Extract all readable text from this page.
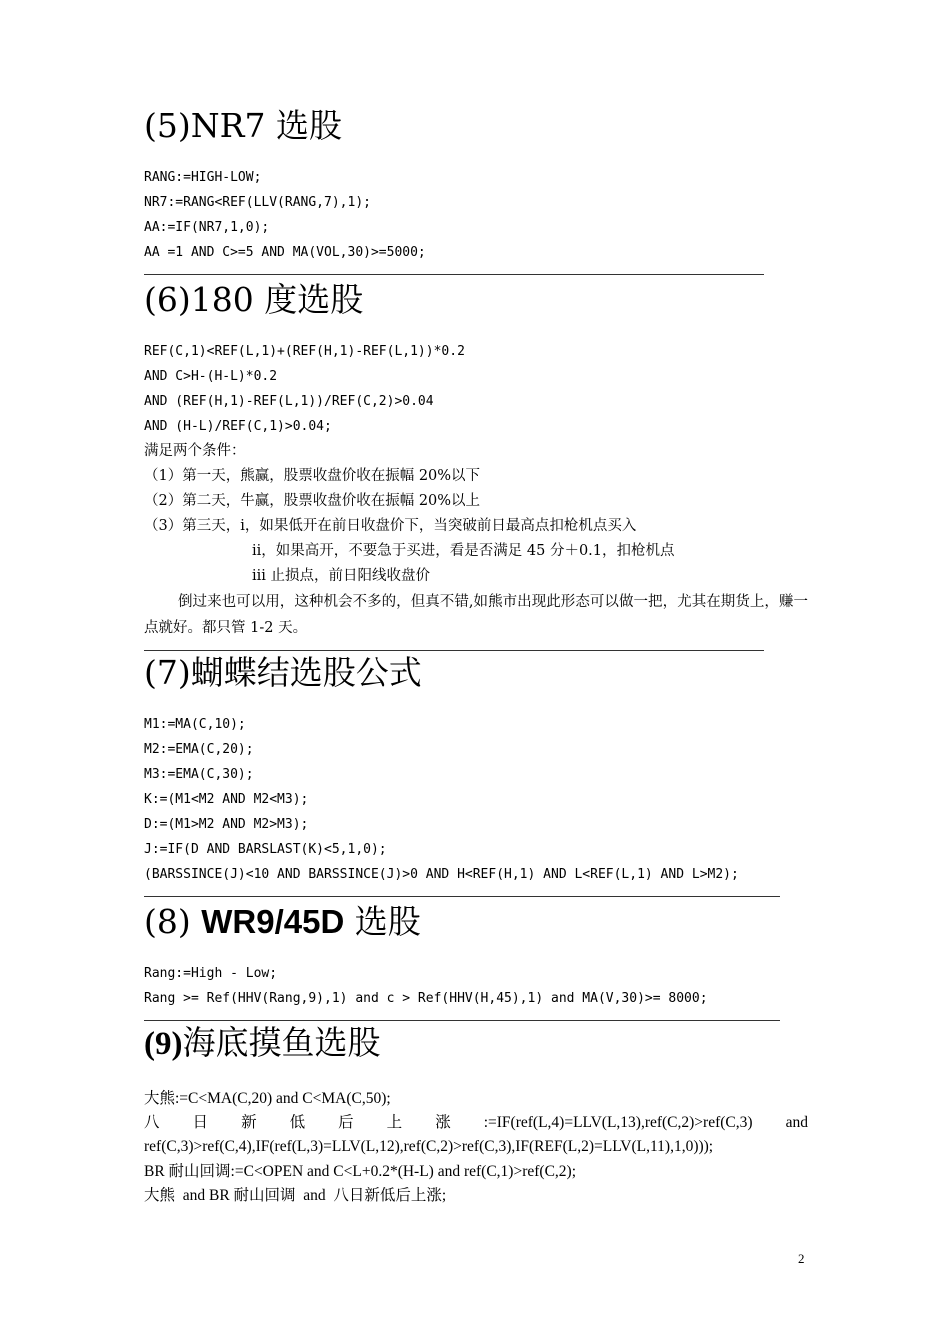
(5)NR7 选股
RANG:=HIGH-LOW;
NR7:=RANG<REF(LLV(RANG,7),1);
AA:=IF(NR7,1,0);
AA =1 AND C>=5 AND MA(VOL,30)>=5000;
(6)180 度选股
REF(C,1)<REF(L,1)+(REF(H,1)-REF(L,1))*0.2
AND C>H-(H-L)*0.2
AND (REF(H,1)-REF(L,1))/REF(C,2)>0.04
AND (H-L)/REF(C,1)>0.04;
满足两个条件：
（1）第一天，熊赢，股票收盘价收在振幅 20%以下
（2）第二天，牛赢，股票收盘价收在振幅 20%以上
（3）第三天，i，如果低开在前日收盘价下，当突破前日最高点扣枪机点买入
ii，如果高开，不要急于买进，看是否满足 45 分＋0.1，扣枪机点
iii 止损点，前日阳线收盘价
倒过来也可以用，这种机会不多的，但真不错,如熊市出现此形态可以做一把，尤其在期货上，赚一点就好。都只管 1-2 天。
(7)蝴蝶结选股公式
M1:=MA(C,10);
M2:=EMA(C,20);
M3:=EMA(C,30);
K:=(M1<M2 AND M2<M3);
D:=(M1>M2 AND M2>M3);
J:=IF(D AND BARSLAST(K)<5,1,0);
(BARSSINCE(J)<10 AND BARSSINCE(J)>0 AND H<REF(H,1) AND L<REF(L,1) AND L>M2);
(8) WR9/45D 选股
Rang:=High - Low;
Rang >= Ref(HHV(Rang,9),1) and c > Ref(HHV(H,45),1) and MA(V,30)>= 8000;
(9)海底摸鱼选股
大熊:=C<MA(C,20) and C<MA(C,50);
八 日 新 低 后 上 涨 :=IF(ref(L,4)=LLV(L,13),ref(C,2)>ref(C,3) and
ref(C,3)>ref(C,4),IF(ref(L,3)=LLV(L,12),ref(C,2)>ref(C,3),IF(REF(L,2)=LLV(L,11),1,0)));
BR 耐山回调:=C<OPEN and C<L+0.2*(H-L) and ref(C,1)>ref(C,2);
大熊  and BR 耐山回调  and  八日新低后上涨;
2
